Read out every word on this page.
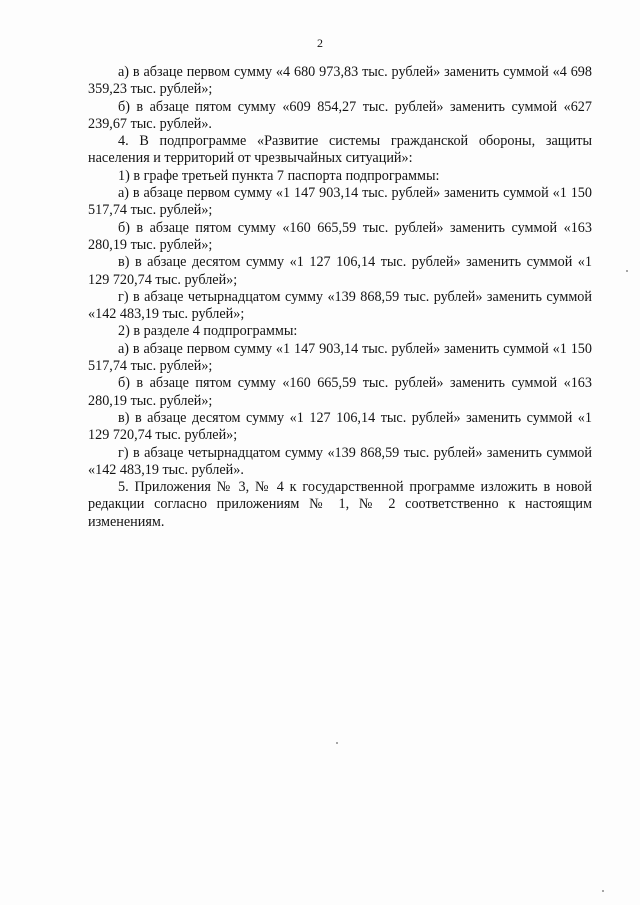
2

а) в абзаце первом сумму «4 680 973,83 тыс. рублей» заменить суммой «4 698 359,23 тыс. рублей»;

б) в абзаце пятом сумму «609 854,27 тыс. рублей» заменить суммой «627 239,67 тыс. рублей».

4. В подпрограмме «Развитие системы гражданской обороны, защиты населения и территорий от чрезвычайных ситуаций»:

1) в графе третьей пункта 7 паспорта подпрограммы:

а) в абзаце первом сумму «1 147 903,14 тыс. рублей» заменить суммой «1 150 517,74 тыс. рублей»;

б) в абзаце пятом сумму «160 665,59 тыс. рублей» заменить суммой «163 280,19 тыс. рублей»;

в) в абзаце десятом сумму «1 127 106,14 тыс. рублей» заменить суммой «1 129 720,74 тыс. рублей»;

г) в абзаце четырнадцатом сумму «139 868,59 тыс. рублей» заменить суммой «142 483,19 тыс. рублей»;

2) в разделе 4 подпрограммы:

а) в абзаце первом сумму «1 147 903,14 тыс. рублей» заменить суммой «1 150 517,74 тыс. рублей»;

б) в абзаце пятом сумму «160 665,59 тыс. рублей» заменить суммой «163 280,19 тыс. рублей»;

в) в абзаце десятом сумму «1 127 106,14 тыс. рублей» заменить суммой «1 129 720,74 тыс. рублей»;

г) в абзаце четырнадцатом сумму «139 868,59 тыс. рублей» заменить суммой «142 483,19 тыс. рублей».

5. Приложения № 3, № 4 к государственной программе изложить в новой редакции согласно приложениям № 1, № 2 соответственно к настоящим изменениям.
